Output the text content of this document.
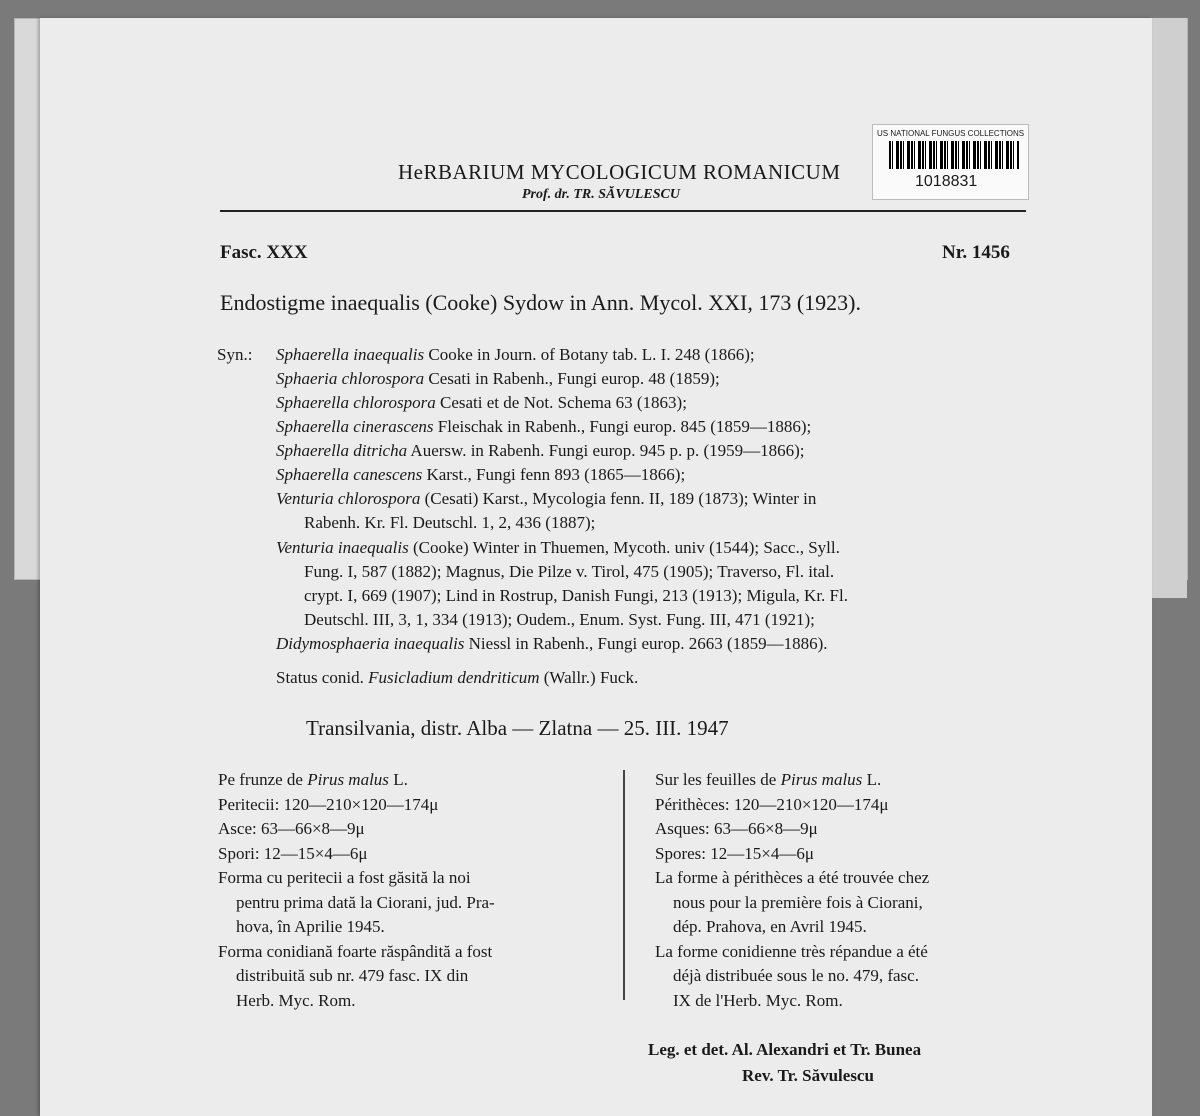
HeRBARIUM MYCOLOGICUM ROMANICUM
Prof. dr. TR. SĂVULESCU
US NATIONAL FUNGUS COLLECTIONS
1018831
Fasc. XXX	Nr. 1456
Endostigme inaequalis (Cooke) Sydow in Ann. Mycol. XXI, 173 (1923).
Syn.: Sphaerella inaequalis Cooke in Journ. of Botany tab. L. I. 248 (1866);
Sphaeria chlorospora Cesati in Rabenh., Fungi europ. 48 (1859);
Sphaerella chlorospora Cesati et de Not. Schema 63 (1863);
Sphaerella cinerascens Fleischak in Rabenh., Fungi europ. 845 (1859—1886);
Sphaerella ditricha Auersw. in Rabenh. Fungi europ. 945 p. p. (1959—1866);
Sphaerella canescens Karst., Fungi fenn 893 (1865—1866);
Venturia chlorospora (Cesati) Karst., Mycologia fenn. II, 189 (1873); Winter in
Rabenh. Kr. Fl. Deutschl. 1, 2, 436 (1887);
Venturia inaequalis (Cooke) Winter in Thuemen, Mycoth. univ (1544); Sacc., Syll.
Fung. I, 587 (1882); Magnus, Die Pilze v. Tirol, 475 (1905); Traverso, Fl. ital.
crypt. I, 669 (1907); Lind in Rostrup, Danish Fungi, 213 (1913); Migula, Kr. Fl.
Deutschl. III, 3, 1, 334 (1913); Oudem., Enum. Syst. Fung. III, 471 (1921);
Didymosphaeria inaequalis Niessl in Rabenh., Fungi europ. 2663 (1859—1886).
Status conid. Fusicladium dendriticum (Wallr.) Fuck.
Transilvania, distr. Alba — Zlatna — 25. III. 1947
Pe frunze de Pirus malus L.
Peritecii: 120—210×120—174μ
Asce: 63—66×8—9μ
Spori: 12—15×4—6μ
Forma cu peritecii a fost găsită la noi
pentru prima dată la Ciorani, jud. Pra-
hova, în Aprilie 1945.
Forma conidiană foarte răspândită a fost
distribuită sub nr. 479 fasc. IX din
Herb. Myc. Rom.
Sur les feuilles de Pirus malus L.
Périthèces: 120—210×120—174μ
Asques: 63—66×8—9μ
Spores: 12—15×4—6μ
La forme à périthèces a été trouvée chez
nous pour la première fois à Ciorani,
dép. Prahova, en Avril 1945.
La forme conidienne très répandue a été
déjà distribuée sous le no. 479, fasc.
IX de l'Herb. Myc. Rom.
Leg. et det. Al. Alexandri et Tr. Bunea
Rev. Tr. Săvulescu
